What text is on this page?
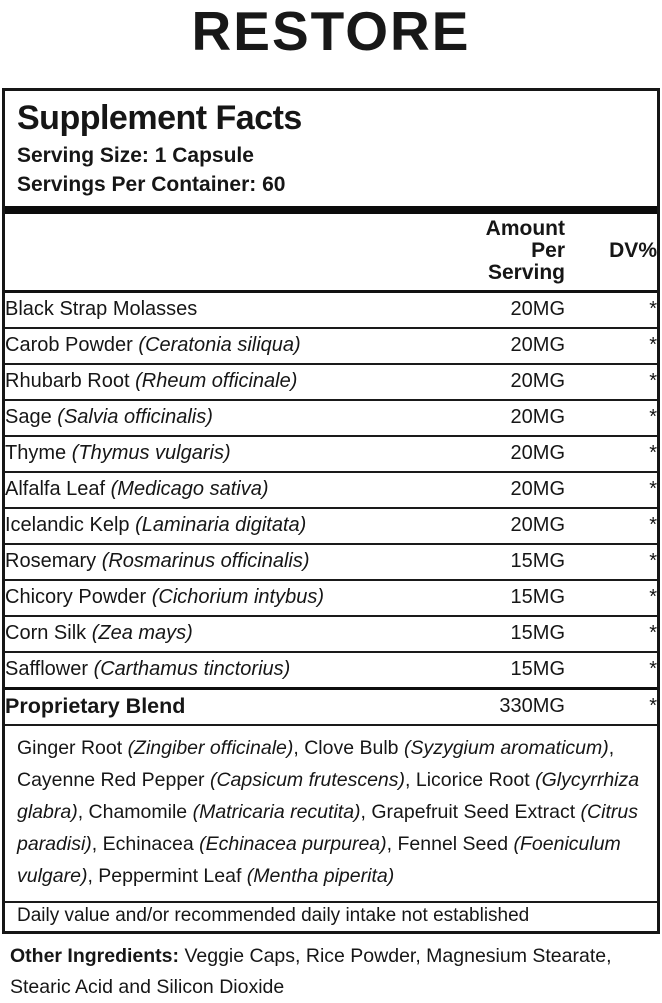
RESTORE
Supplement Facts
Serving Size: 1 Capsule
Servings Per Container: 60
	Amount Per Serving	DV%
Black Strap Molasses	20MG	*
Carob Powder (Ceratonia siliqua)	20MG	*
Rhubarb Root (Rheum officinale)	20MG	*
Sage (Salvia officinalis)	20MG	*
Thyme (Thymus vulgaris)	20MG	*
Alfalfa Leaf (Medicago sativa)	20MG	*
Icelandic Kelp (Laminaria digitata)	20MG	*
Rosemary (Rosmarinus officinalis)	15MG	*
Chicory Powder (Cichorium intybus)	15MG	*
Corn Silk (Zea mays)	15MG	*
Safflower (Carthamus tinctorius)	15MG	*
Proprietary Blend	330MG	*
Ginger Root (Zingiber officinale), Clove Bulb (Syzygium aromaticum), Cayenne Red Pepper (Capsicum frutescens), Licorice Root (Glycyrrhiza glabra), Chamomile (Matricaria recutita), Grapefruit Seed Extract (Citrus paradisi), Echinacea (Echinacea purpurea), Fennel Seed (Foeniculum vulgare), Peppermint Leaf (Mentha piperita)
Daily value and/or recommended daily intake not established

Other Ingredients: Veggie Caps, Rice Powder, Magnesium Stearate, Stearic Acid and Silicon Dioxide
